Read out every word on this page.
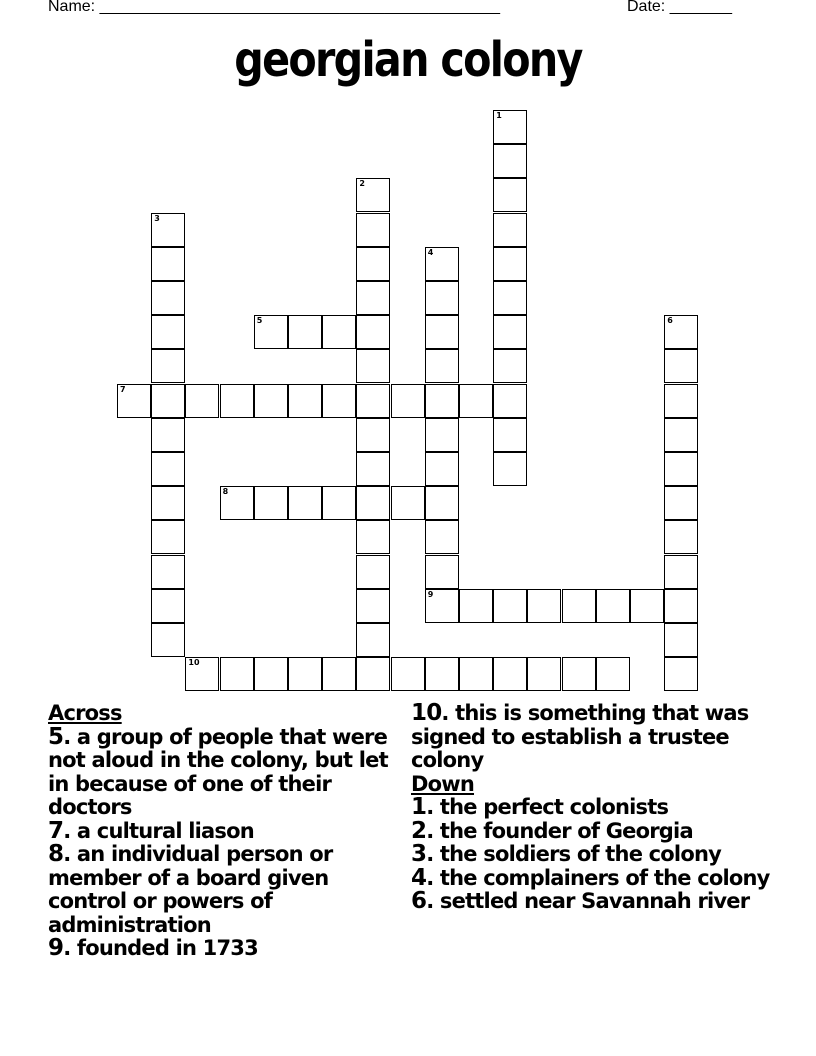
Name: _____________________________________________	Date: _______
georgian colony
1
2
3
4
9
5	6
7
8
10
Across
5. a group of people that were not aloud in the colony, but let in because of one of their doctors
7. a cultural liason
8. an individual person or member of a board given control or powers of administration
9. founded in 1733
10. this is something that was signed to establish a trustee colony
Down
1. the perfect colonists
2. the founder of Georgia
3. the soldiers of the colony
4. the complainers of the colony
6. settled near Savannah river
